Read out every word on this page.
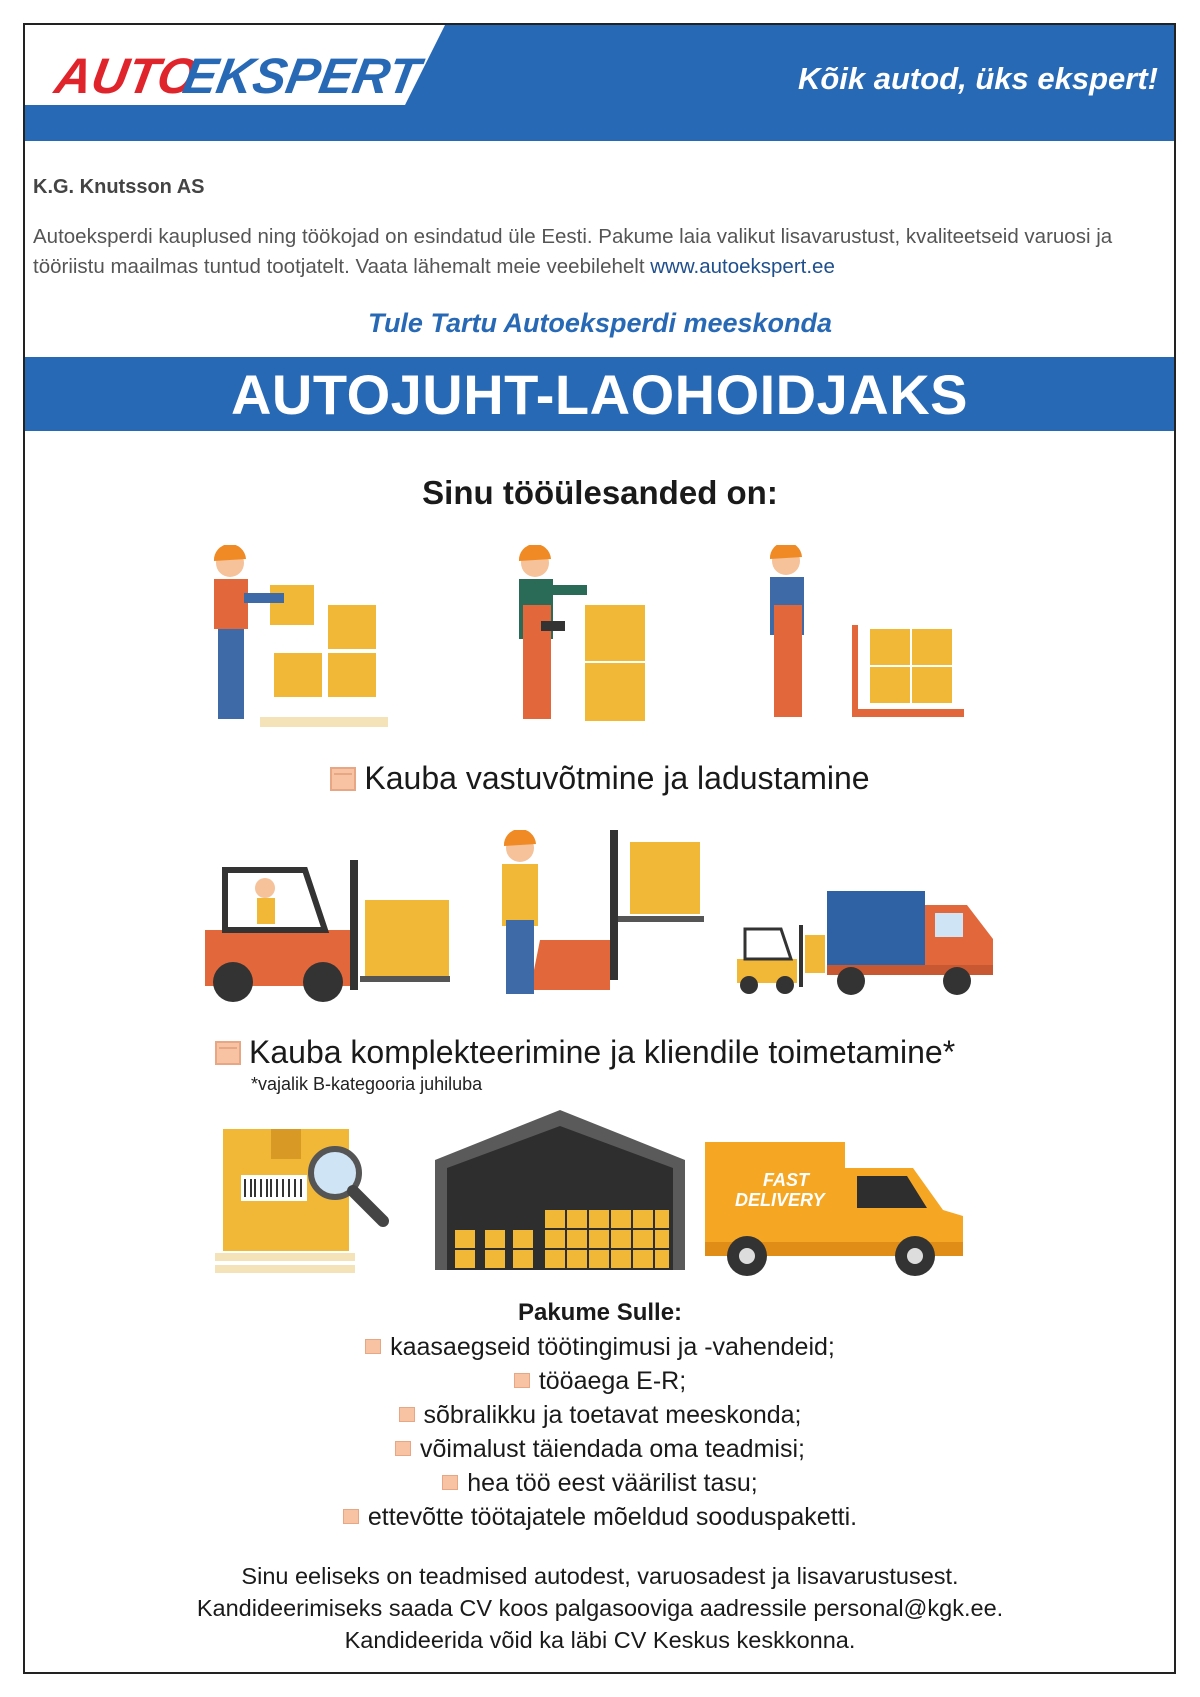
AUTO
EKSPERT	Kõik autod, üks ekspert!
K.G. Knutsson AS
Autoeksperdi kauplused ning töökojad on esindatud üle Eesti. Pakume laia valikut lisavarustust, kvaliteetseid varuosi ja tööriistu maailmas tuntud tootjatelt. Vaata lähemalt meie veebilehelt www.autoekspert.ee
Tule Tartu Autoeksperdi meeskonda
AUTOJUHT-LAOHOIDJAKS
Sinu tööülesanded on:
Kauba vastuvõtmine ja ladustamine
Kauba komplekteerimine ja kliendile toimetamine*
*vajalik B-kategooria juhiluba
FAST
DELIVERY
Pakume Sulle:
kaasaegseid töötingimusi ja -vahendeid;
tööaega E-R;
sõbralikku ja toetavat meeskonda;
võimalust täiendada oma teadmisi;
hea töö eest väärilist tasu;
ettevõtte töötajatele mõeldud sooduspaketti.
Sinu eeliseks on teadmised autodest, varuosadest ja lisavarustusest.
Kandideerimiseks saada CV koos palgasooviga aadressile personal@kgk.ee.
Kandideerida võid ka läbi CV Keskus keskkonna.
